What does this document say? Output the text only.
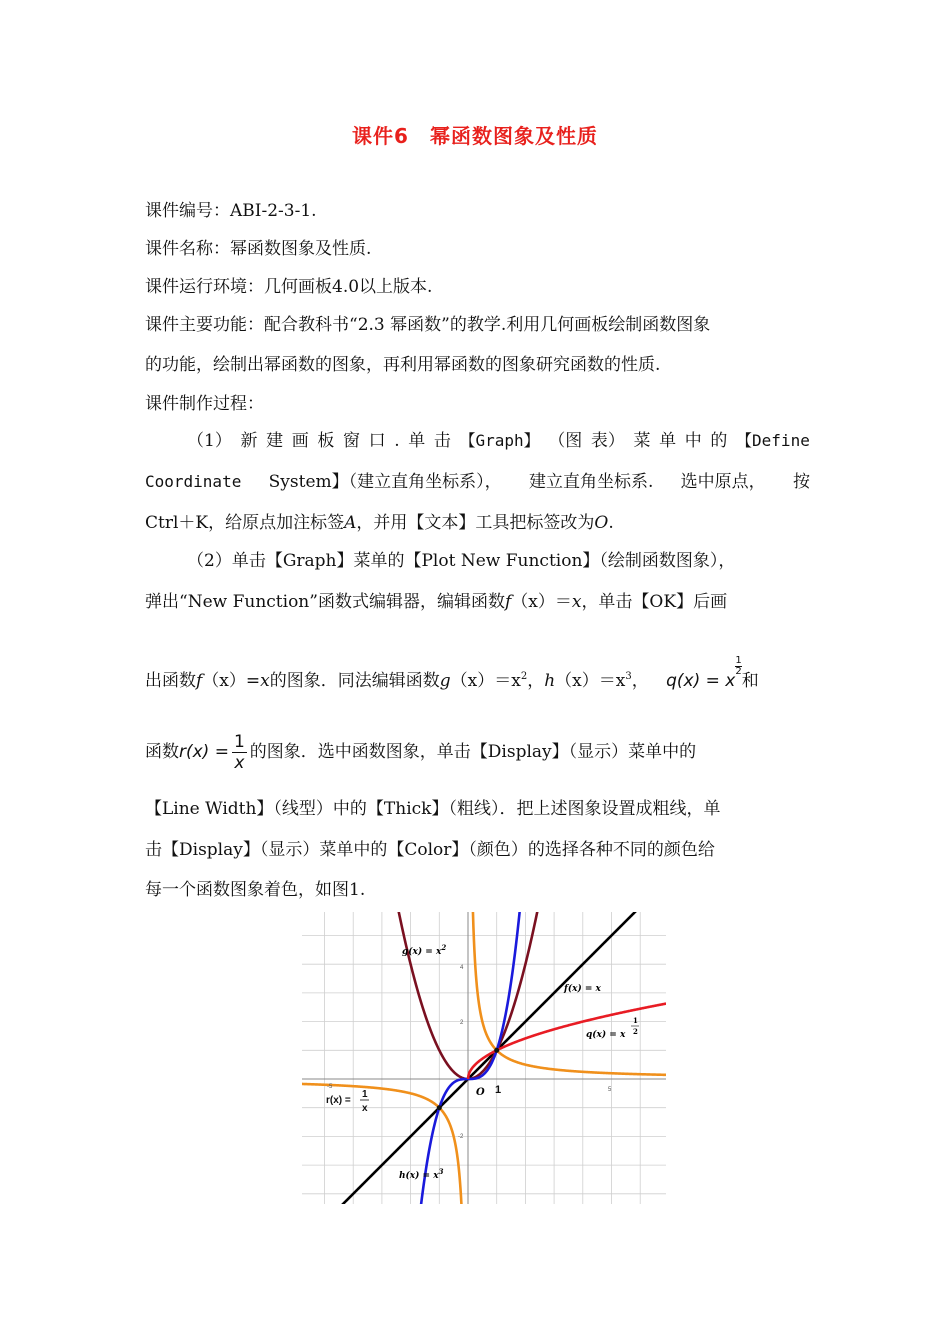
课件6　幂函数图象及性质
课件编号：ABⅠ-2-3-1.
课件名称：幂函数图象及性质.
课件运行环境：几何画板4.0以上版本.
课件主要功能：配合教科书“2.3 幂函数”的教学.利用几何画板绘制函数图象
的功能，绘制出幂函数的图象，再利用幂函数的图象研究函数的性质.
课件制作过程：
（1） 新 建 画 板 窗 口 . 单 击 【Graph】 （图 表） 菜 单 中 的 【Define
Coordinate System】（建立直角坐标系）， 建立直角坐标系. 选中原点， 按
Ctrl＋K，给原点加注标签A，并用【文本】工具把标签改为O.
（2）单击【Graph】菜单的【Plot New Function】（绘制函数图象），
弹出“New Function”函数式编辑器，编辑函数f（x）＝x，单击【OK】后画
出函数f（x）=x的图象．同法编辑函数$g(x)=x^2$，$h(x)=x^3$， q(x) = x
$\frac{1}{2}$和
函数$r(x) = \frac{1}{x}$ 的图象．选中函数图象，单击【Display】（显示）菜单中的
【Line Width】（线型）中的【Thick】（粗线）．把上述图象设置成粗线，单
击【Display】（显示）菜单中的【Color】（颜色）的选择各种不同的颜色给
每一个函数图象着色，如图1.
$g(x) = x^2$
f(x) = x
q(x) = x
1
2
$h(x) = x^3$
O
r(x) =
1
x
1
-5	5
4
2
-2
